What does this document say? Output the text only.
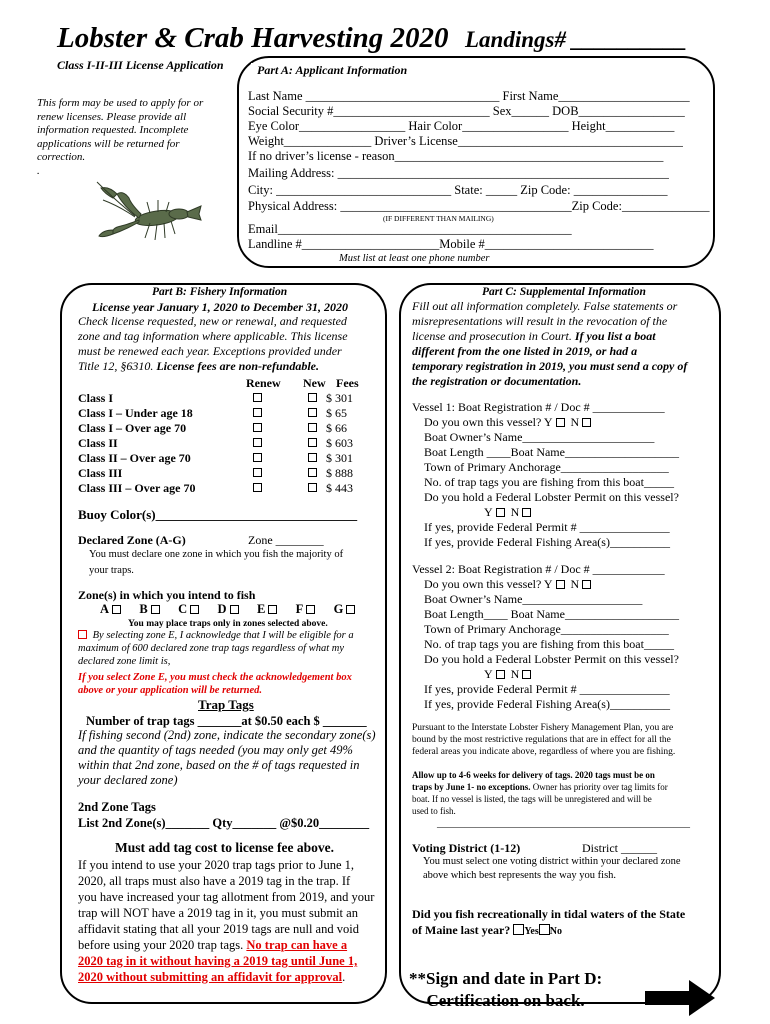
Lobster & Crab Harvesting 2020 Landings# __________
Class I-II-III License Application
This form may be used to apply for or renew licenses. Please provide all information requested. Incomplete applications will be returned for correction.
.
Part A: Applicant Information
Last Name _______________________________ First Name_____________________
Social Security #_________________________ Sex______ DOB_________________
Eye Color_________________ Hair Color_________________ Height___________
Weight______________ Driver’s License____________________________________
If no driver’s license - reason___________________________________________
Mailing Address: _____________________________________________________
City: ____________________________ State: _____ Zip Code: _______________
Physical Address: _____________________________________Zip Code:______________
(IF DIFFERENT THAN MAILING)
Email_______________________________________________
Landline #______________________Mobile #___________________________
Must list at least one phone number
Part B: Fishery Information
License year January 1, 2020 to December 31, 2020
Check license requested, new or renewal, and requested
zone and tag information where applicable. This license
must be renewed each year. Exceptions provided under
Title 12, §6310. License fees are non-refundable.
Renew New Fees
Class I	$ 301
Class I – Under age 18	$ 65
Class I – Over age 70	$ 66
Class II	$ 603
Class II – Over age 70	$ 301
Class III	$ 888
Class III – Over age 70	$ 443
Buoy Color(s)_______________________________
Declared Zone (A-G)	Zone ________
You must declare one zone in which you fish the majority of
your traps.
Zone(s) in which you intend to fish
A B C D E F G
You may place traps only in zones selected above.
By selecting zone E, I acknowledge that I will be eligible for a
maximum of 600 declared zone trap tags regardless of what my
declared zone limit is,
If you select Zone E, you must check the acknowledgement box
above or your application will be returned.
Trap Tags
Number of trap tags _______at $0.50 each $ _______
If fishing second (2nd) zone, indicate the secondary zone(s)
and the quantity of tags needed (you may only get 49%
within that 2nd zone, based on the # of tags requested in
your declared zone)
2nd Zone Tags
List 2nd Zone(s)_______ Qty_______ @$0.20________
Must add tag cost to license fee above.
If you intend to use your 2020 trap tags prior to June 1,
2020, all traps must also have a 2019 tag in the trap. If
you have increased your tag allotment from 2019, and your
trap will NOT have a 2019 tag in it, you must submit an
affidavit stating that all your 2019 tags are null and void
before using your 2020 trap tags. No trap can have a
2020 tag in it without having a 2019 tag until June 1,
2020 without submitting an affidavit for approval.
Part C: Supplemental Information
Fill out all information completely. False statements or
misrepresentations will result in the revocation of the
license and prosecution in Court. If you list a boat
different from the one listed in 2019, or had a
temporary registration in 2019, you must send a copy of
the registration or documentation.
Vessel 1: Boat Registration # / Doc # ____________
Do you own this vessel? Y N
Boat Owner’s Name______________________
Boat Length ____Boat Name___________________
Town of Primary Anchorage__________________
No. of trap tags you are fishing from this boat_____
Do you hold a Federal Lobster Permit on this vessel?
Y N
If yes, provide Federal Permit # _______________
If yes, provide Federal Fishing Area(s)__________
Vessel 2: Boat Registration # / Doc # ____________
Do you own this vessel? Y N
Boat Owner’s Name____________________
Boat Length____ Boat Name___________________
Town of Primary Anchorage__________________
No. of trap tags you are fishing from this boat_____
Do you hold a Federal Lobster Permit on this vessel?
Y N
If yes, provide Federal Permit # _______________
If yes, provide Federal Fishing Area(s)__________
Pursuant to the Interstate Lobster Fishery Management Plan, you are
bound by the most restrictive regulations that are in effect for all the
federal areas you indicate above, regardless of where you are fishing.
Allow up to 4-6 weeks for delivery of tags. 2020 tags must be on
traps by June 1- no exceptions. Owner has priority over tag limits for
boat. If no vessel is listed, the tags will be unregistered and will be
used to fish.
______________________________________________
Voting District (1-12)	District ______
You must select one voting district within your declared zone
above which best represents the way you fish.
Did you fish recreationally in tidal waters of the State
of Maine last year? Yes No
**Sign and date in Part D:
Certification on back.
